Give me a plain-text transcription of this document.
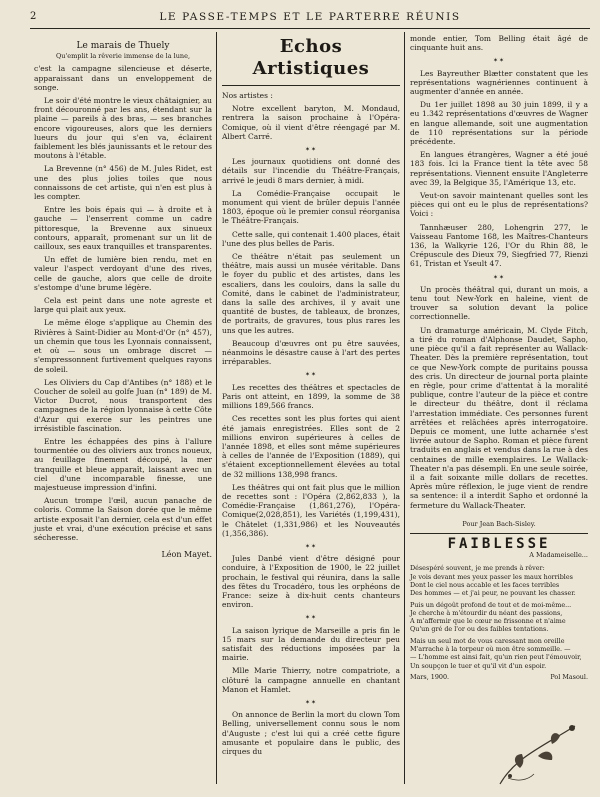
2	LE PASSE-TEMPS ET LE PARTERRE RÉUNIS
Le marais de Thuely
Qu'emplit la rêverie immense de la lune,

c'est la campagne silencieuse et déserte, apparaissant dans un enveloppement de songe.

Le soir d'été montre le vieux châtaignier, au front découronné par les ans, étendant sur la plaine — pareils à des bras, — ses branches encore vigoureuses, alors que les derniers lueurs du jour qui s'en va, éclairent faiblement les blés jaunissants et le retour des moutons à l'étable.

La Brevenne (n° 456) de M. Jules Ridet, est une des plus jolies toiles que nous connaissons de cet artiste, qui n'en est plus à les compter.

Entre les bois épais qui — à droite et à gauche — l'enserrent comme un cadre pittoresque, la Brevenne aux sinueux contours, apparaît, promenant sur un lit de cailloux, ses eaux tranquilles et transparentes.

Un effet de lumière bien rendu, met en valeur l'aspect verdoyant d'une des rives, celle de gauche, alors que celle de droite s'estompe d'une brume légère.

Cela est peint dans une note agreste et large qui plait aux yeux.

Le même éloge s'applique au Chemin des Rivières à Saint-Didier au Mont-d'Or (n° 457), un chemin que tous les Lyonnais connaissent, et où — sous un ombrage discret — s'empressonnent furtivement quelques rayons de soleil.

Les Oliviers du Cap d'Antibes (n° 188) et le Coucher de soleil au golfe Juan (n° 189) de M. Victor Ducrot, nous transportent des campagnes de la région lyonnaise à cette Côte d'Azur qui exerce sur les peintres une irrésistible fascination.

Entre les échappées des pins à l'allure tourmentée ou des oliviers aux troncs noueux, au feuillage finement découpé, la mer tranquille et bleue apparaît, laissant avec un ciel d'une incomparable finesse, une majestueuse impression d'infini.

Aucun trompe l'œil, aucun panache de coloris. Comme la Saison dorée que le même artiste exposait l'an dernier, cela est d'un effet juste et vrai, d'une exécution précise et sans sécheresse.

Léon Mayet.
Echos Artistiques

Nos artistes :

Notre excellent baryton, M. Mondaud, rentrera la saison prochaine à l'Opéra-Comique, où il vient d'être réengagé par M. Albert Carré.

✶✶

Les journaux quotidiens ont donné des détails sur l'incendie du Théâtre-Français, arrivé le jeudi 8 mars dernier, à midi.

La Comédie-Française occupait le monument qui vient de brûler depuis l'année 1803, époque où le premier consul réorganisa le Théâtre-Français.

Cette salle, qui contenait 1.400 places, était l'une des plus belles de Paris.

Ce théâtre n'était pas seulement un théâtre, mais aussi un musée véritable. Dans le foyer du public et des artistes, dans les escaliers, dans les couloirs, dans la salle du Comité, dans le cabinet de l'administrateur, dans la salle des archives, il y avait une quantité de bustes, de tableaux, de bronzes, de portraits, de gravures, tous plus rares les uns que les autres.

Beaucoup d'œuvres ont pu être sauvées, néanmoins le désastre cause à l'art des pertes irréparables.

✶✶

Les recettes des théâtres et spectacles de Paris ont atteint, en 1899, la somme de 38 millions 189,566 francs.

Ces recettes sont les plus fortes qui aient été jamais enregistrées. Elles sont de 2 millions environ supérieures à celles de l'année 1898, et elles sont même supérieures à celles de l'année de l'Exposition (1889), qui s'étaient exceptionnellement élevées au total de 32 millions 138,998 francs.

Les théâtres qui ont fait plus que le million de recettes sont : l'Opéra (2,862,833 ), la Comédie-Française (1,861,276), l'Opéra-Comique(2,028,851), les Variétés (1,199,431), le Châtelet (1,331,986) et les Nouveautés (1,356,386).

✶✶

Jules Danbé vient d'être désigné pour conduire, à l'Exposition de 1900, le 22 juillet prochain, le festival qui réunira, dans la salle des fêtes du Trocadéro, tous les orphéons de France: seize à dix-huit cents chanteurs environ.

✶✶

La saison lyrique de Marseille a pris fin le 15 mars sur la demande du directeur peu satisfait des réductions imposées par la mairie.

Mlle Marie Thierry, notre compatriote, a clôturé la campagne annuelle en chantant Manon et Hamlet.

✶✶

On annonce de Berlin la mort du clown Tom Belling, universellement connu sous le nom d'Auguste ; c'est lui qui a créé cette figure amusante et populaire dans le public, des cirques du

monde entier, Tom Belling était âgé de cinquante huit ans.

✶✶

Les Bayreuther Blætter constatent que les représentations wagnériennes continuent à augmenter d'année en année.

Du 1er juillet 1898 au 30 juin 1899, il y a eu 1.342 représentations d'œuvres de Wagner en langue allemande, soit une augmentation de 110 représentations sur la période précédente.

En langues étrangères, Wagner a été joué 183 fois. Ici la France tient la tête avec 58 représentations. Viennent ensuite l'Angleterre avec 39, la Belgique 35, l'Amérique 13, etc.

Veut-on savoir maintenant quelles sont les pièces qui ont eu le plus de représentations? Voici :

Tannhæuser 280, Lohengrin 277, le Vaisseau Fantome 168, les Maîtres-Chanteurs 136, la Walkyrie 126, l'Or du Rhin 88, le Crépuscule des Dieux 79, Siegfried 77, Rienzi 61, Tristan et Yseult 47.

✶✶

Un procès théâtral qui, durant un mois, a tenu tout New-York en haleine, vient de trouver sa solution devant la police correctionnelle.

Un dramaturge américain, M. Clyde Fitch, a tiré du roman d'Alphonse Daudet, Sapho, une pièce qu'il a fait représenter au Wallack-Theater. Dès la première représentation, tout ce que New-York compte de puritains poussa des cris. Un directeur de journal porta plainte en règle, pour crime d'attentat à la moralité publique, contre l'auteur de la pièce et contre le directeur du théâtre, dont il réclama l'arrestation immédiate. Ces personnes furent arrêtées et relâchées après interrogatoire. Depuis ce moment, une lutte acharnée s'est livrée autour de Sapho. Roman et pièce furent traduits en anglais et vendus dans la rue à des centaines de mille exemplaires. Le Wallack-Theater n'a pas désempli. En une seule soirée, il a fait soixante mille dollars de recettes. Après mûre réflexion, le juge vient de rendre sa sentence: il a interdit Sapho et ordonné la fermeture du Wallack-Theater.

Pour Jean Bach-Sisley.
FAIBLESSE
A Madameiselle...

Désespéré souvent, je me prends à rêver:
Je vois devant mes yeux passer les maux horribles
Dont le ciel nous accable et les faces terribles
Des hommes — et j'ai peur, ne pouvant les chasser.

Puis un dégoût profond de tout et de moi-même...
Je cherche à m'étourdir du néant des passions,
A m'affermir que le cœur ne frissonne et n'aime
Qu'un gré de l'or ou des faibles tentations.

Mais un seul mot de vous caressant mon oreille
M'arrache à la torpeur où mon être sommeille. —
— L'homme est ainsi fait, qu'un rien peut l'émouvoir,
Un soupçon le tuer et qu'il vit d'un espoir.

Mars, 1900.	Pol Masoul.
